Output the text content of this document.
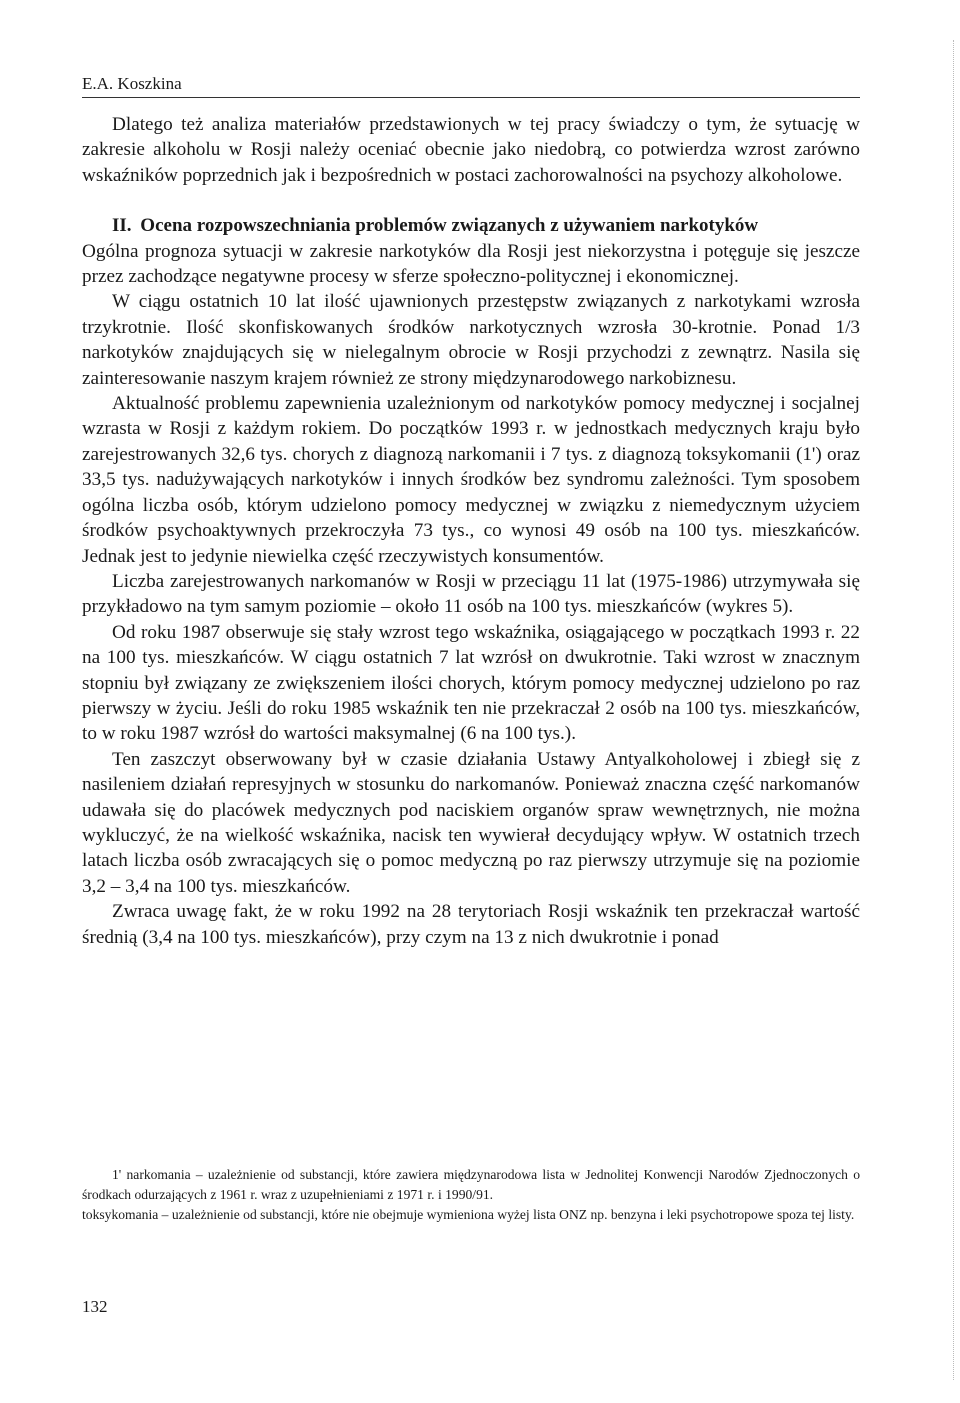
E.A. Koszkina

Dlatego też analiza materiałów przedstawionych w tej pracy świadczy o tym, że sytuację w zakresie alkoholu w Rosji należy oceniać obecnie jako niedobrą, co potwierdza wzrost zarówno wskaźników poprzednich jak i bezpośrednich w postaci zachorowalności na psychozy alkoholowe.

II. Ocena rozpowszechniania problemów związanych z używaniem narkotyków

Ogólna prognoza sytuacji w zakresie narkotyków dla Rosji jest niekorzystna i potęguje się jeszcze przez zachodzące negatywne procesy w sferze społeczno-politycznej i ekonomicznej.

W ciągu ostatnich 10 lat ilość ujawnionych przestępstw związanych z narkotykami wzrosła trzykrotnie. Ilość skonfiskowanych środków narkotycznych wzrosła 30-krotnie. Ponad 1/3 narkotyków znajdujących się w nielegalnym obrocie w Rosji przychodzi z zewnątrz. Nasila się zainteresowanie naszym krajem również ze strony międzynarodowego narkobiznesu.

Aktualność problemu zapewnienia uzależnionym od narkotyków pomocy medycznej i socjalnej wzrasta w Rosji z każdym rokiem. Do początków 1993 r. w jednostkach medycznych kraju było zarejestrowanych 32,6 tys. chorych z diagnozą narkomanii i 7 tys. z diagnozą toksykomanii (1') oraz 33,5 tys. nadużywających narkotyków i innych środków bez syndromu zależności. Tym sposobem ogólna liczba osób, którym udzielono pomocy medycznej w związku z niemedycznym użyciem środków psychoaktywnych przekroczyła 73 tys., co wynosi 49 osób na 100 tys. mieszkańców. Jednak jest to jedynie niewielka część rzeczywistych konsumentów.

Liczba zarejestrowanych narkomanów w Rosji w przeciągu 11 lat (1975-1986) utrzymywała się przykładowo na tym samym poziomie – około 11 osób na 100 tys. mieszkańców (wykres 5).

Od roku 1987 obserwuje się stały wzrost tego wskaźnika, osiągającego w początkach 1993 r. 22 na 100 tys. mieszkańców. W ciągu ostatnich 7 lat wzrósł on dwukrotnie. Taki wzrost w znacznym stopniu był związany ze zwiększeniem ilości chorych, którym pomocy medycznej udzielono po raz pierwszy w życiu. Jeśli do roku 1985 wskaźnik ten nie przekraczał 2 osób na 100 tys. mieszkańców, to w roku 1987 wzrósł do wartości maksymalnej (6 na 100 tys.).

Ten zaszczyt obserwowany był w czasie działania Ustawy Antyalkoholowej i zbiegł się z nasileniem działań represyjnych w stosunku do narkomanów. Ponieważ znaczna część narkomanów udawała się do placówek medycznych pod naciskiem organów spraw wewnętrznych, nie można wykluczyć, że na wielkość wskaźnika, nacisk ten wywierał decydujący wpływ. W ostatnich trzech latach liczba osób zwracających się o pomoc medyczną po raz pierwszy utrzymuje się na poziomie 3,2 – 3,4 na 100 tys. mieszkańców.

Zwraca uwagę fakt, że w roku 1992 na 28 terytoriach Rosji wskaźnik ten przekraczał wartość średnią (3,4 na 100 tys. mieszkańców), przy czym na 13 z nich dwukrotnie i ponad

1' narkomania – uzależnienie od substancji, które zawiera międzynarodowa lista w Jednolitej Konwencji Narodów Zjednoczonych o środkach odurzających z 1961 r. wraz z uzupełnieniami z 1971 r. i 1990/91.

toksykomania – uzależnienie od substancji, które nie obejmuje wymieniona wyżej lista ONZ np. benzyna i leki psychotropowe spoza tej listy.

132
